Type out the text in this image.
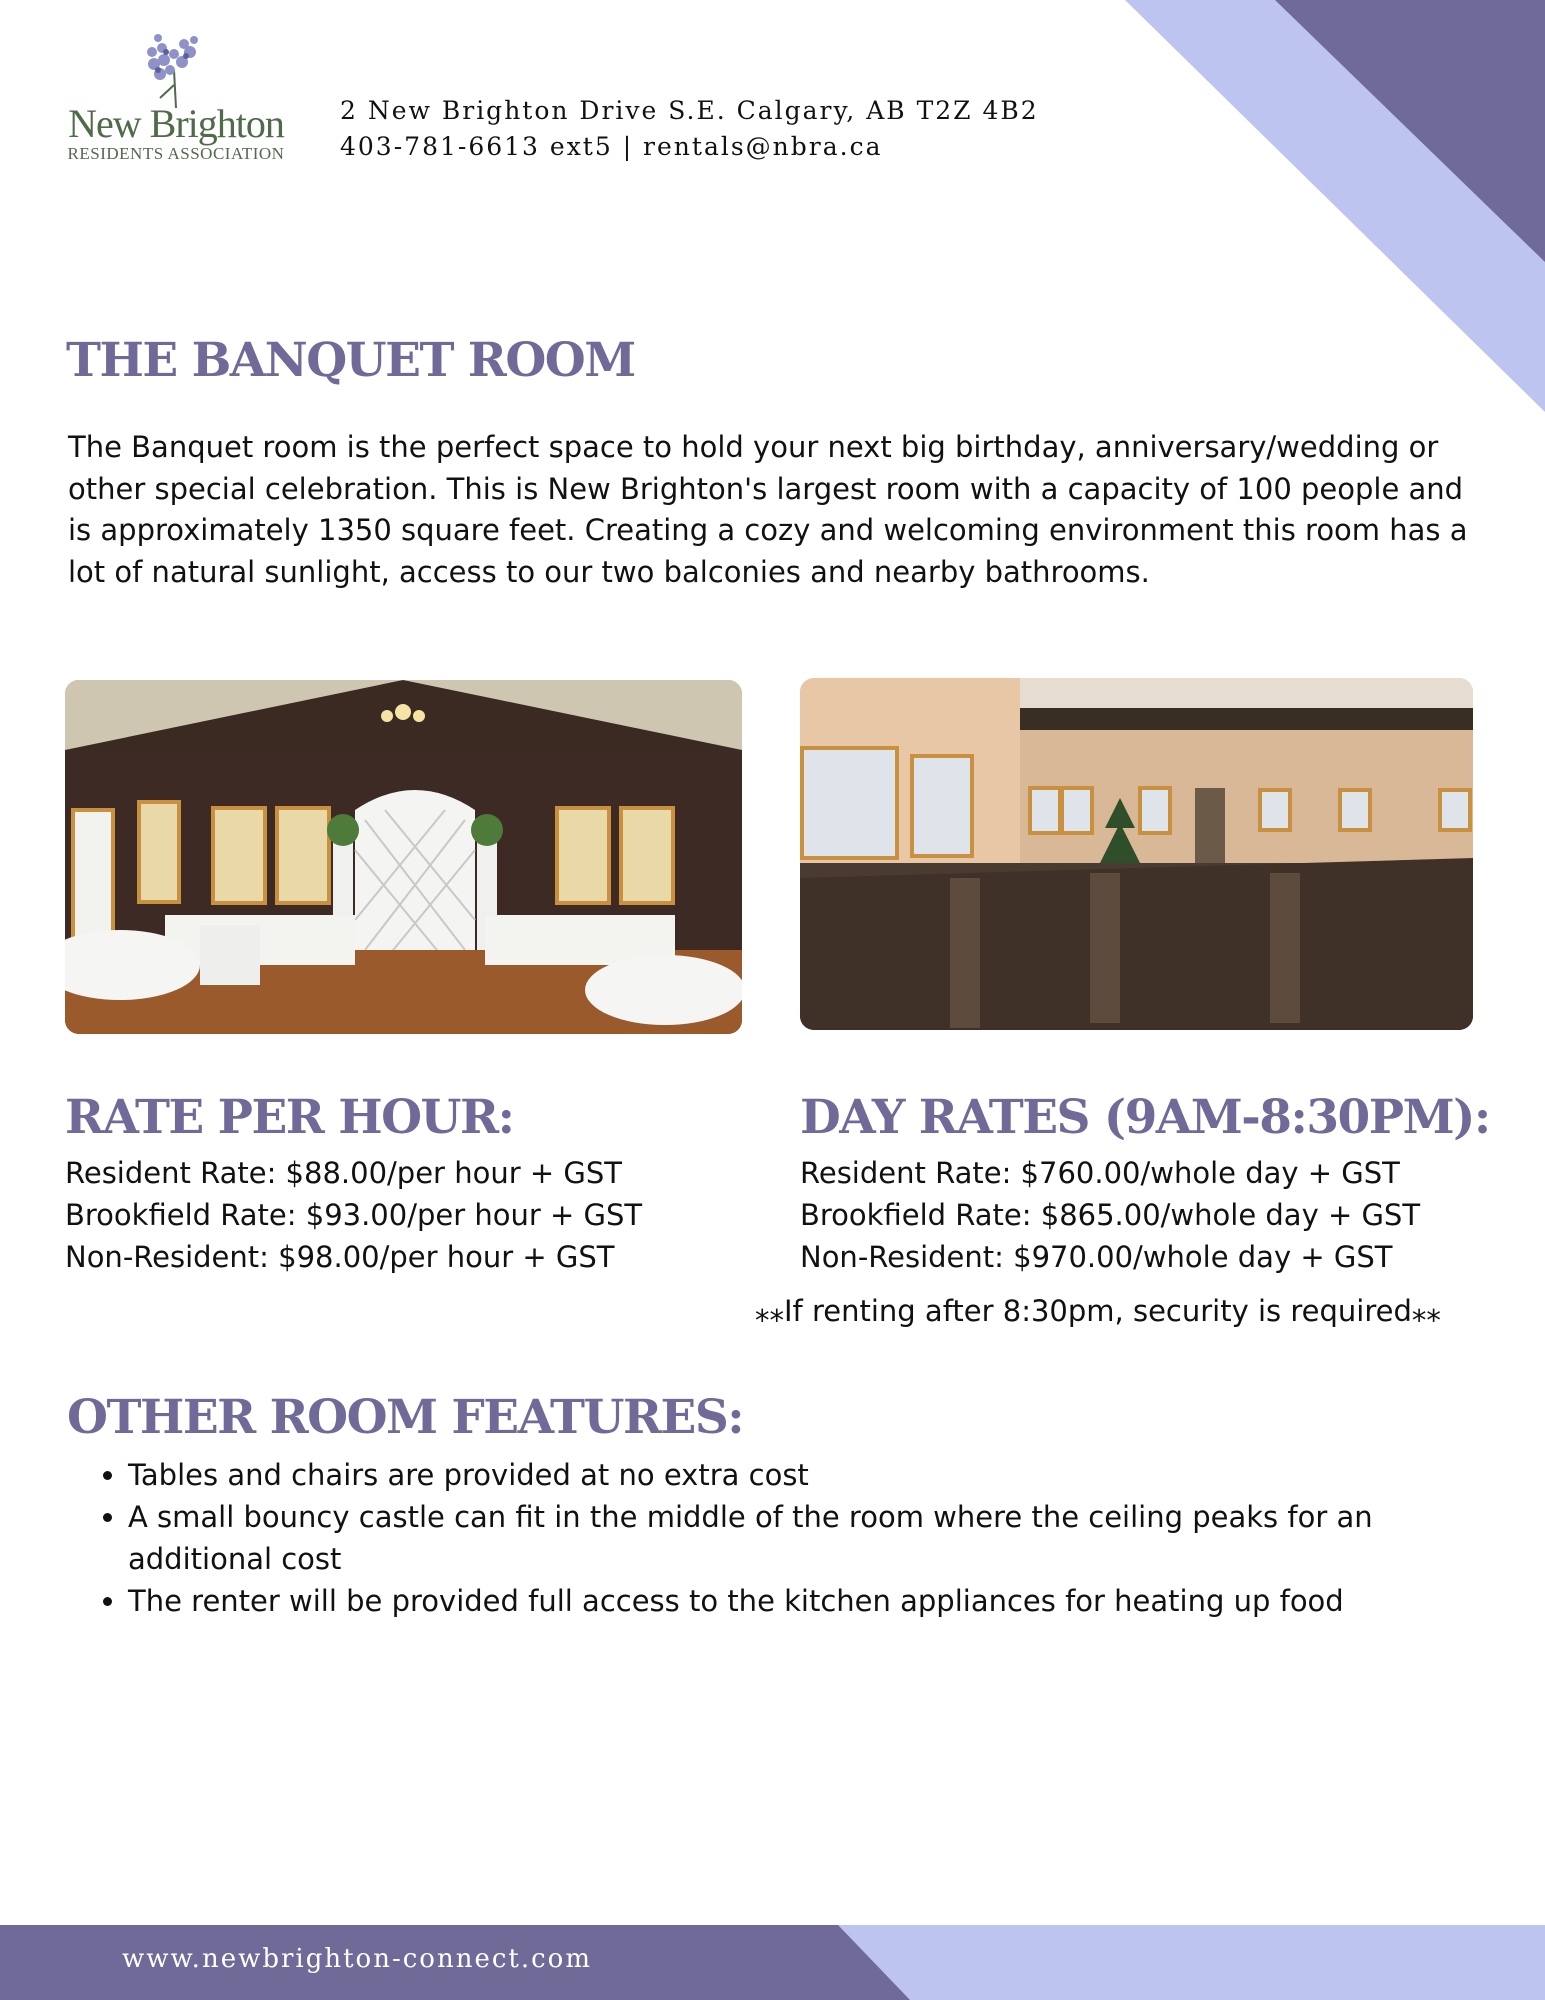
New Brighton
RESIDENTS ASSOCIATION
2 New Brighton Drive S.E. Calgary, AB T2Z 4B2
403-781-6613 ext5 | rentals@nbra.ca
THE BANQUET ROOM
The Banquet room is the perfect space to hold your next big birthday, anniversary/wedding or other special celebration. This is New Brighton's largest room with a capacity of 100 people and is approximately 1350 square feet. Creating a cozy and welcoming environment this room has a lot of natural sunlight, access to our two balconies and nearby bathrooms.
RATE PER HOUR:
Resident Rate: $88.00/per hour + GST
Brookfield Rate: $93.00/per hour + GST
Non-Resident: $98.00/per hour + GST
DAY RATES (9AM-8:30PM):
Resident Rate: $760.00/whole day + GST
Brookfield Rate: $865.00/whole day + GST
Non-Resident: $970.00/whole day + GST
⁎⁎If renting after 8:30pm, security is required⁎⁎
OTHER ROOM FEATURES:
• Tables and chairs are provided at no extra cost
• A small bouncy castle can fit in the middle of the room where the ceiling peaks for an additional cost
• The renter will be provided full access to the kitchen appliances for heating up food
www.newbrighton-connect.com
